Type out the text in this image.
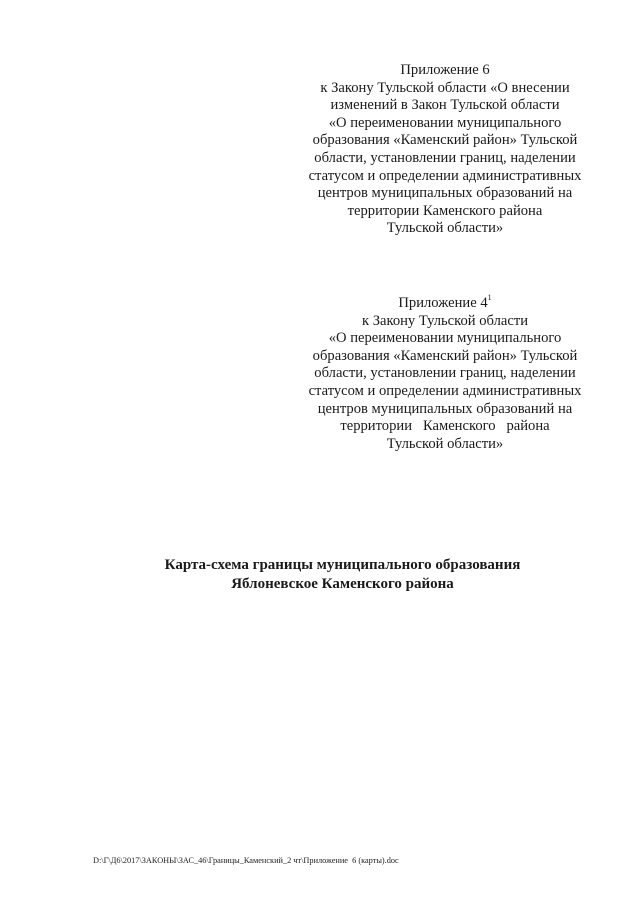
Приложение 6
к Закону Тульской области «О внесении
изменений в Закон Тульской области
«О переименовании муниципального
образования «Каменский район» Тульской
области, установлении границ, наделении
статусом и определении административных
центров муниципальных образований на
территории Каменского района
Тульской области»
Приложение $4^1$
к Закону Тульской области
«О переименовании муниципального
образования «Каменский район» Тульской
области, установлении границ, наделении
статусом и определении административных
центров муниципальных образований на
территории   Каменского   района
Тульской области»
Карта-схема границы муниципального образования
Яблоневское Каменского района
D:\Г\Д6\2017\ЗАКОНЫ\ЗАС_46\Границы_Каменский_2 чт\Приложение  6 (карты).doc
